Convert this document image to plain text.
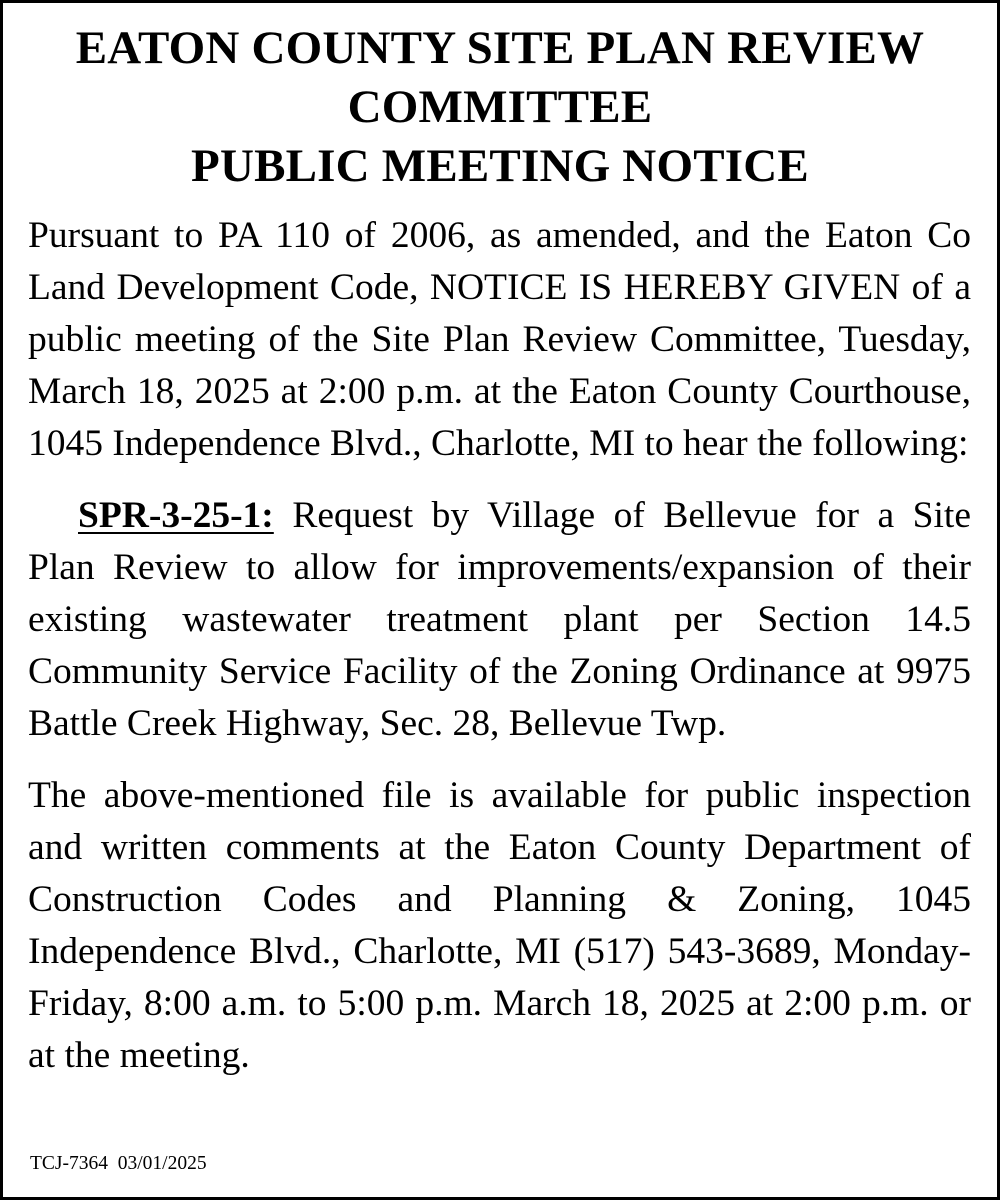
EATON COUNTY SITE PLAN REVIEW
COMMITTEE
PUBLIC MEETING NOTICE

Pursuant to PA 110 of 2006, as amended, and the Eaton Co Land Development Code, NOTICE IS HEREBY GIVEN of a public meeting of the Site Plan Review Committee, Tuesday, March 18, 2025 at 2:00 p.m. at the Eaton County Courthouse, 1045 Independence Blvd., Charlotte, MI to hear the following:

SPR-3-25-1: Request by Village of Bellevue for a Site Plan Review to allow for improvements/expansion of their existing wastewater treatment plant per Section 14.5 Community Service Facility of the Zoning Ordinance at 9975 Battle Creek Highway, Sec. 28, Bellevue Twp.

The above-mentioned file is available for public inspection and written comments at the Eaton County Department of Construction Codes and Planning & Zoning, 1045 Independence Blvd., Charlotte, MI (517) 543-3689, Monday-Friday, 8:00 a.m. to 5:00 p.m. March 18, 2025 at 2:00 p.m. or at the meeting.

TCJ-7364 03/01/2025
